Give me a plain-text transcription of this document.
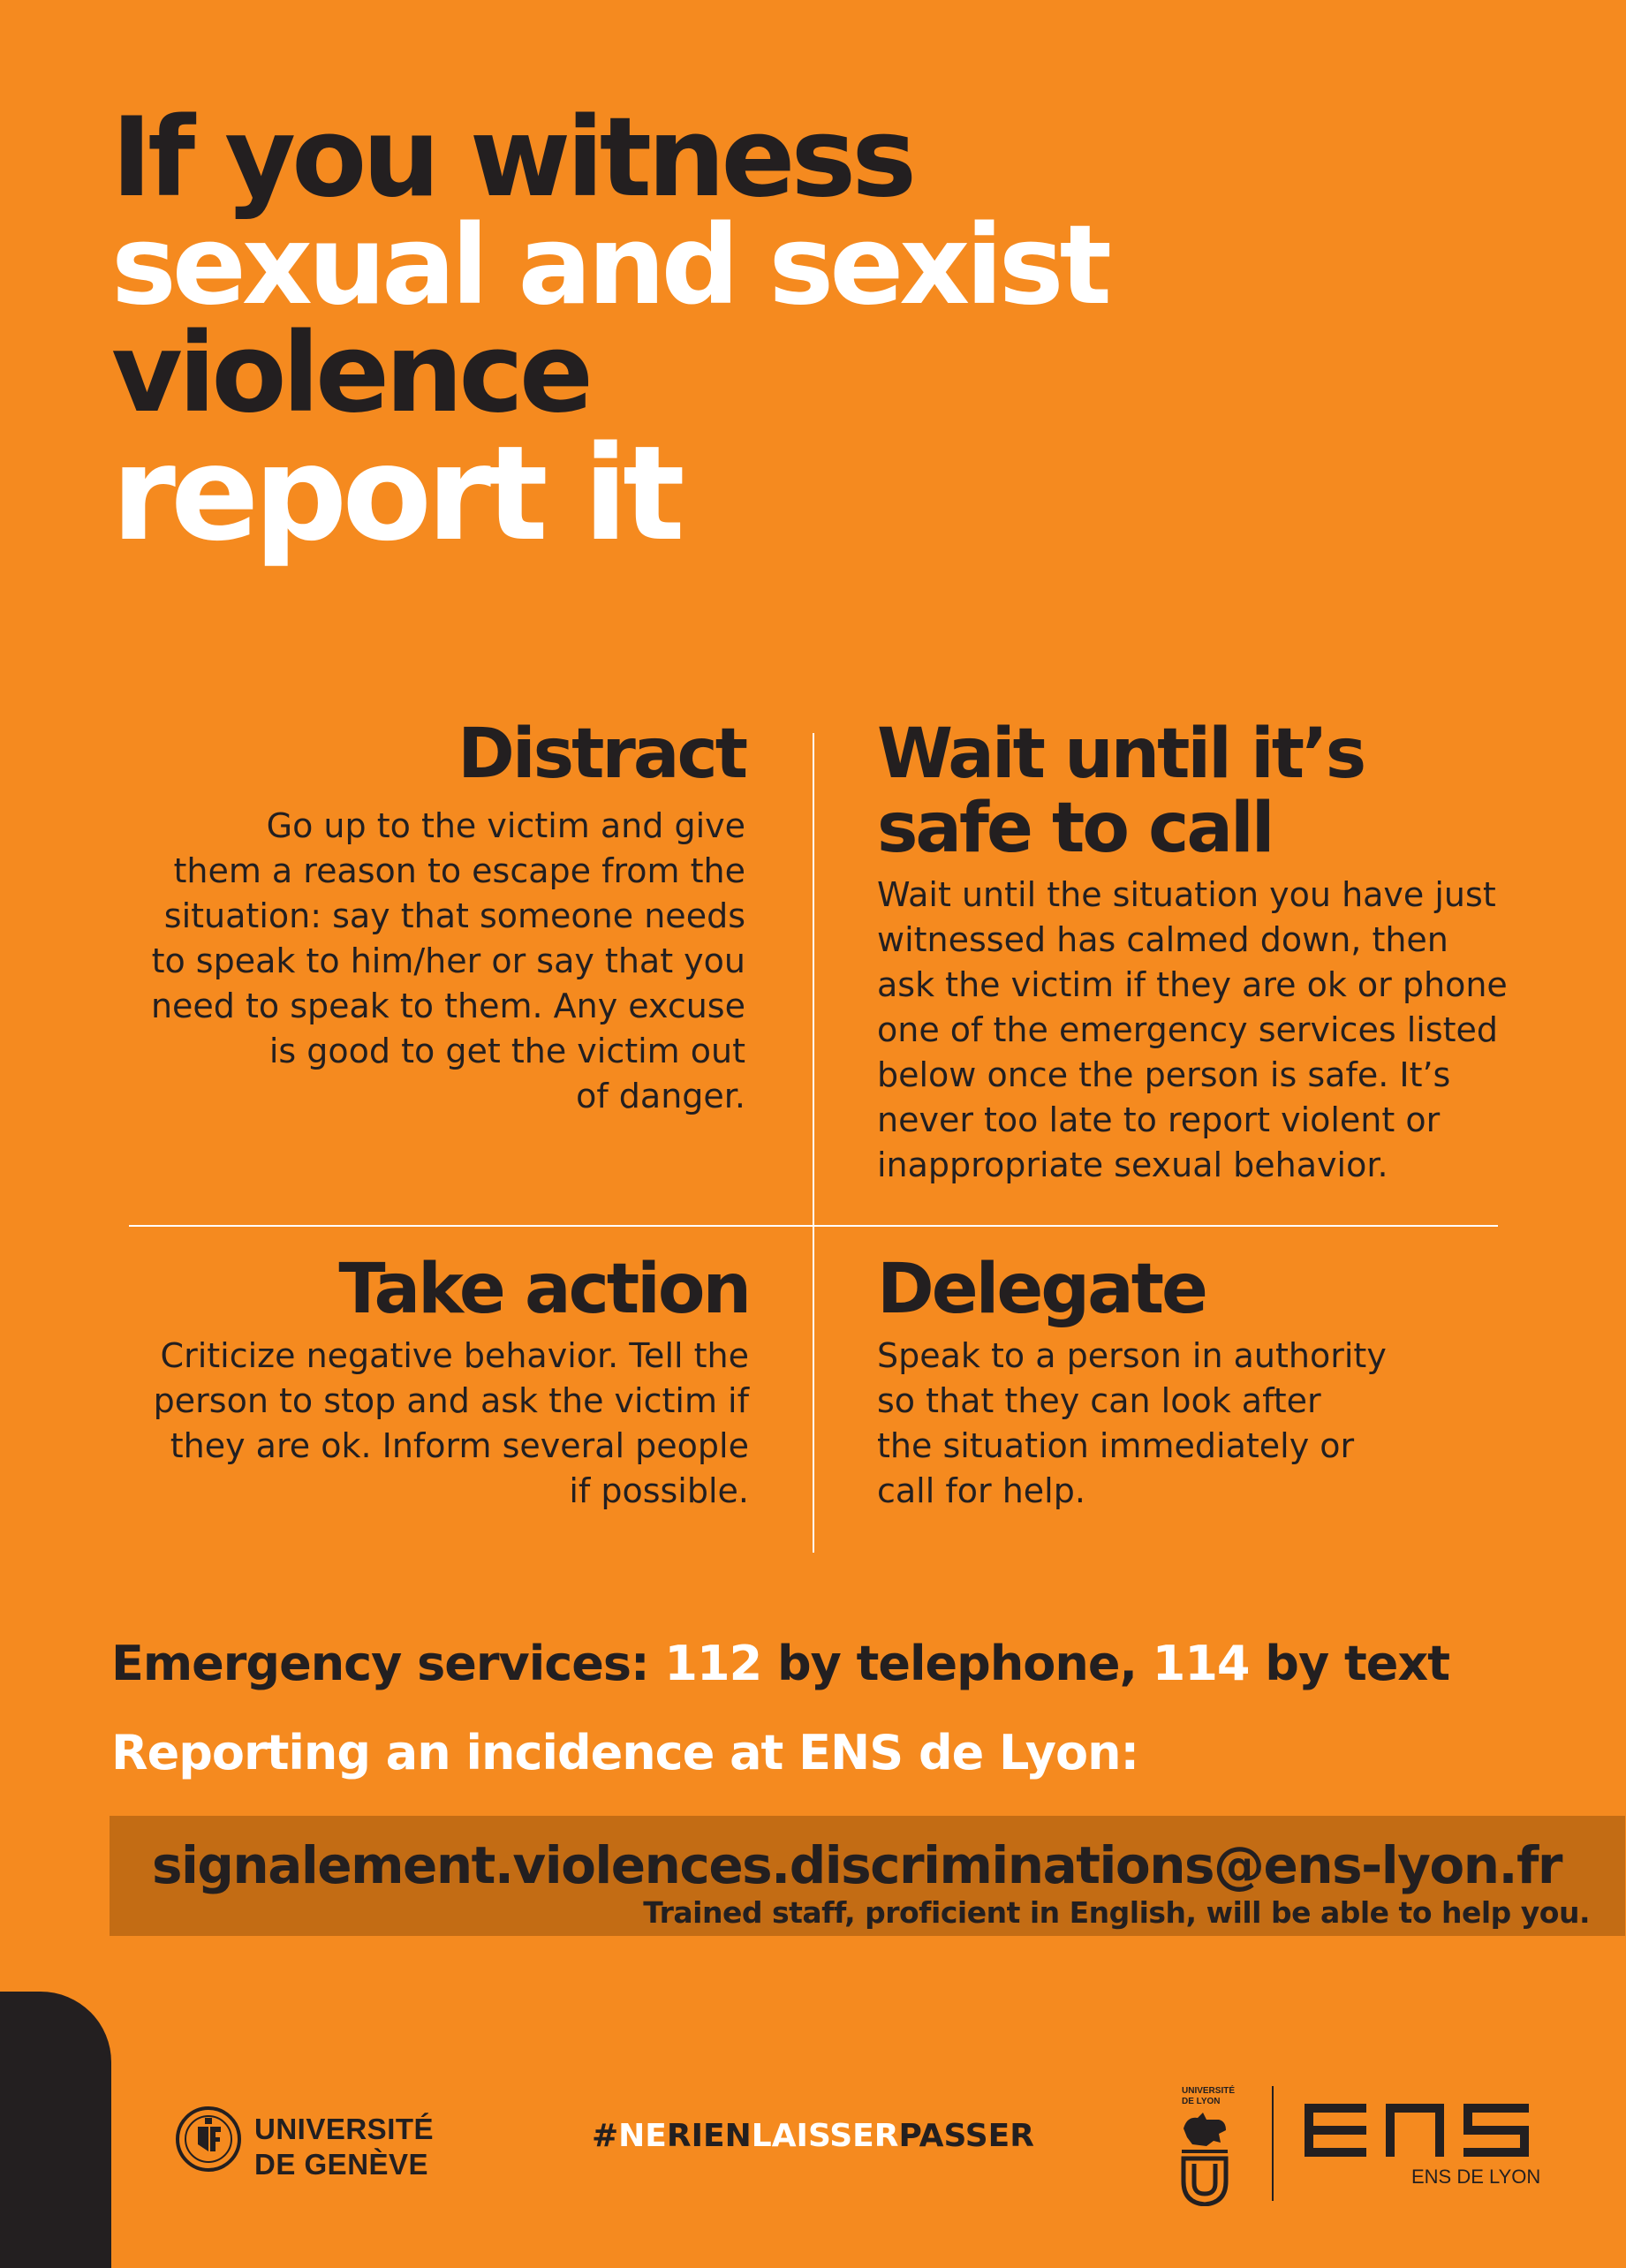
If you witness
sexual and sexist
violence
report it
Distract

Go up to the victim and give
them a reason to escape from the
situation: say that someone needs
to speak to him/her or say that you
need to speak to them. Any excuse
is good to get the victim out
of danger.

Wait until it’s
safe to call

Wait until the situation you have just
witnessed has calmed down, then
ask the victim if they are ok or phone
one of the emergency services listed
below once the person is safe. It’s
never too late to report violent or
inappropriate sexual behavior.

Take action

Criticize negative behavior. Tell the
person to stop and ask the victim if
they are ok. Inform several people
if possible.

Delegate

Speak to a person in authority
so that they can look after
the situation immediately or
call for help.

Emergency services: 112 by telephone, 114 by text
Reporting an incidence at ENS de Lyon:
signalement.violences.discriminations@ens-lyon.fr
Trained staff, proficient in English, will be able to help you.
UNIVERSITÉ
DE GENÈVE
#NERIENLAISSERPASSER
UNIVERSITÉ
DE LYON
ENS DE LYON
